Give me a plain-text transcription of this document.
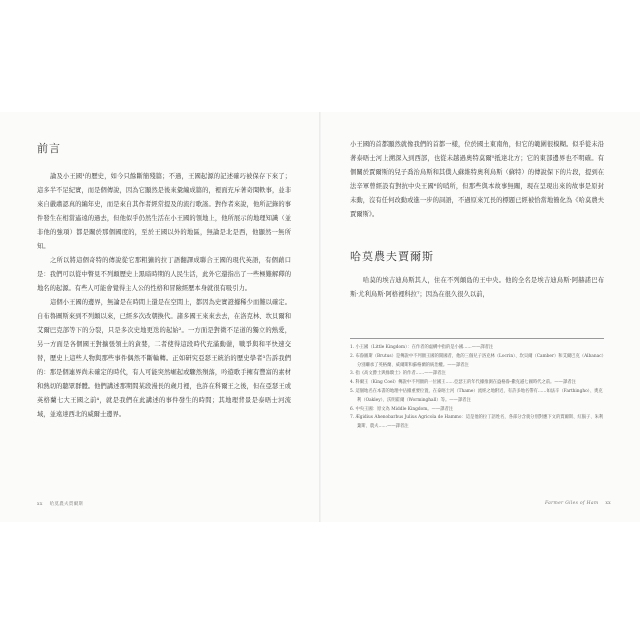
前言

論及小王國¹的歷史，如今只餘斷簡殘篇；不過，王國起源的記述確巧被保存下來了；這多半不足紀實，而是個傳說，因為它顯然是後來彙編成篇的，裡面充斥著奇聞軼事，並非來自嚴肅認真的編年史，而是來自其作者經常提及的流行歌謠。對作者來說，他所記錄的事件發生在相當遙遠的過去，但他似乎仍然生活在小王國的領地上，他所展示的地理知識（並非他的強項）都是關於那個國度的，至於王國以外的地區，無論是北是西，他顯然一無所知。

之所以將這個奇特的傳說從它那粗獷的拉丁語翻譯成聯合王國的現代英語，有個藉口是：我們可以從中瞥見不列顛歷史上黑暗時期的人民生活，此外它還指出了一些極難解釋的地名的起源。有些人可能會覺得主人公的性格和冒險經歷本身就很有吸引力。

這個小王國的邊界，無論是在時間上還是在空間上，都因為史實證據稀少而難以確定。自布魯圖斯來到不列顛以來，已經多次改朝換代。諸多國王來來去去，在洛克林、坎貝爾和艾爾巴克部等下的分裂，只是多次史地更迭的起始²。一方面是對微不足道的獨立的熱愛，另一方面是各個國王對擴張領土的貪婪，二者使得這段時代充滿動盪，戰爭與和平快速交替，歷史上這些人物與那些事件偶然不斷輪轉。正如研究亞瑟王統治的歷史學者³告訴我們的：那是個連界尚未確定的時代，有人可能突然崛起或驟然殞落，吟遊歌手擁有豐富的素材和熱切的聽眾群體。他們講述那期間某段漫長的歲月裡，也許在科爾王之後，但在亞瑟王或英格蘭七大王國之前⁴，就是我們在此講述的事件發生的時間；其地理背景是泰晤士河流域，並遠達西北的威爾士邊界。

xx 哈莫農夫賈爾斯

小王國的首都顯然就像我們的首都一樣，位於國土東南角，但它的範圍很模糊。似乎從未沿著泰晤士河上溯深入到西部，也從未越過奧特莫爾⁵抵達北方；它的東部邊界也不明確。有個關於賈爾斯的兒子喬治烏斯和其僕人蘇維特奧利烏斯（蘇特）的傳說保下的片段，提到在法辛軍曾經設有對抗中央王國⁶的哨所，但那些與本故事無關，現在呈現出來的故事是原封未動，沒有任何改動或進一步的詞語，不過原來冗長的標題已經被恰當地簡化為《哈莫農夫賈爾斯》。

哈莫農夫賈爾斯

哈莫的埃吉迪烏斯其人，住在不列顛島的王中央。他的全名是埃吉迪烏斯·阿赫諾巴布斯·尤利烏斯·阿格裡科拉⁷；因為在很久很久以前，

1. 小王國（Little Kingdom）：在作者的虛構中指的是小國……——譯者注

2. 布魯圖斯（Brutus）是傳說中不列顛王國的開國者，他的三個兒子洛克林（Locrin）、坎貝爾（Camber）和艾爾巴克（Albanac）分別繼承了英格蘭、威爾斯和蘇格蘭的統治權。——譯者注

3. 指《高文爵士與綠騎士》的作者……——譯者注

4. 科爾王（King Coel）傳說中不列顛的一位國王……亞瑟王的年代據推測在盎格魯-撒克遜七國時代之前。——譯者注

5. 這個地名在本書的地理中佔據重要位置，在泰晤士河（Thame）流經之地附近，有許多地名帶有……如法辛（Farthingho）、奧克利（Oakley）、沃明霍爾（Worminghall）等。——譯者注

6. 中央王國：原文為 Middle Kingdom。——譯者注

7. Ægidius Ahenobarbus Julius Agricola de Hammo：這是他的拉丁語姓名，各部分含義分別對應下文的賈爾斯、紅鬍子、朱利葉斯、農夫……——譯者注

Farmer Giles of Ham xx
